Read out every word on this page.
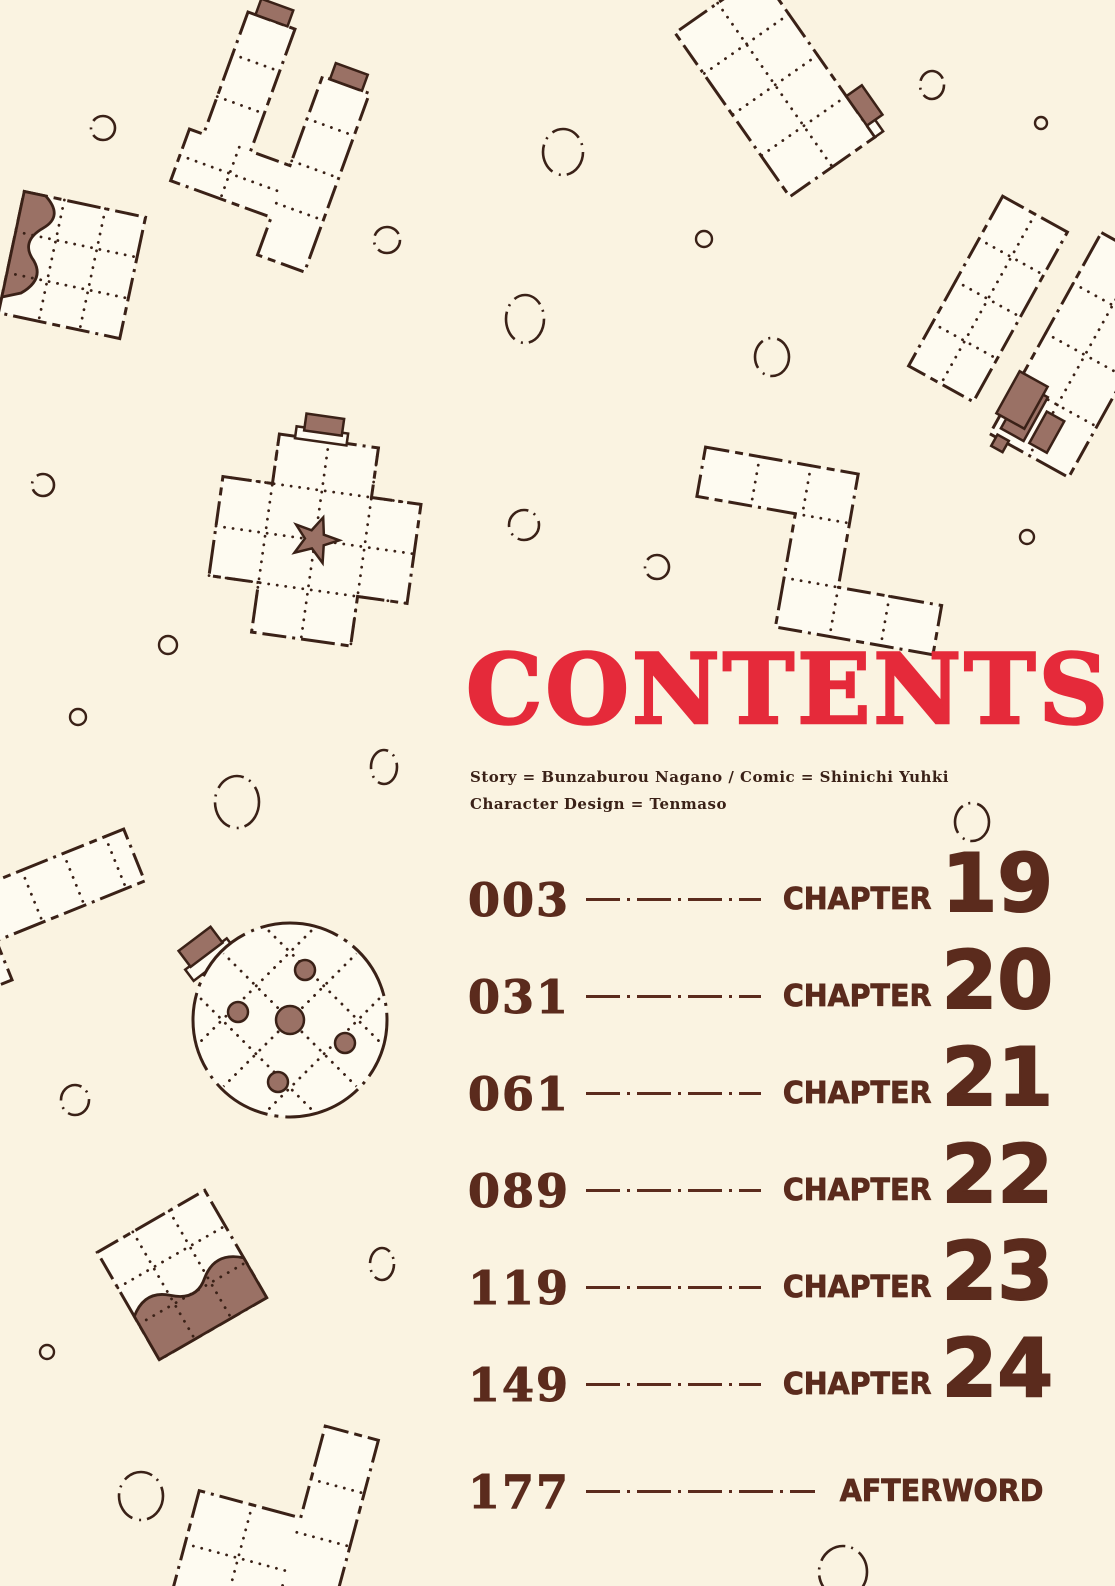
CONTENTS
Story = Bunzaburou Nagano / Comic = Shinichi Yuhki
Character Design = Tenmaso
003	CHAPTER 19
031	CHAPTER 20
061	CHAPTER 21
089	CHAPTER 22
119	CHAPTER 23
149	CHAPTER 24
177	AFTERWORD
